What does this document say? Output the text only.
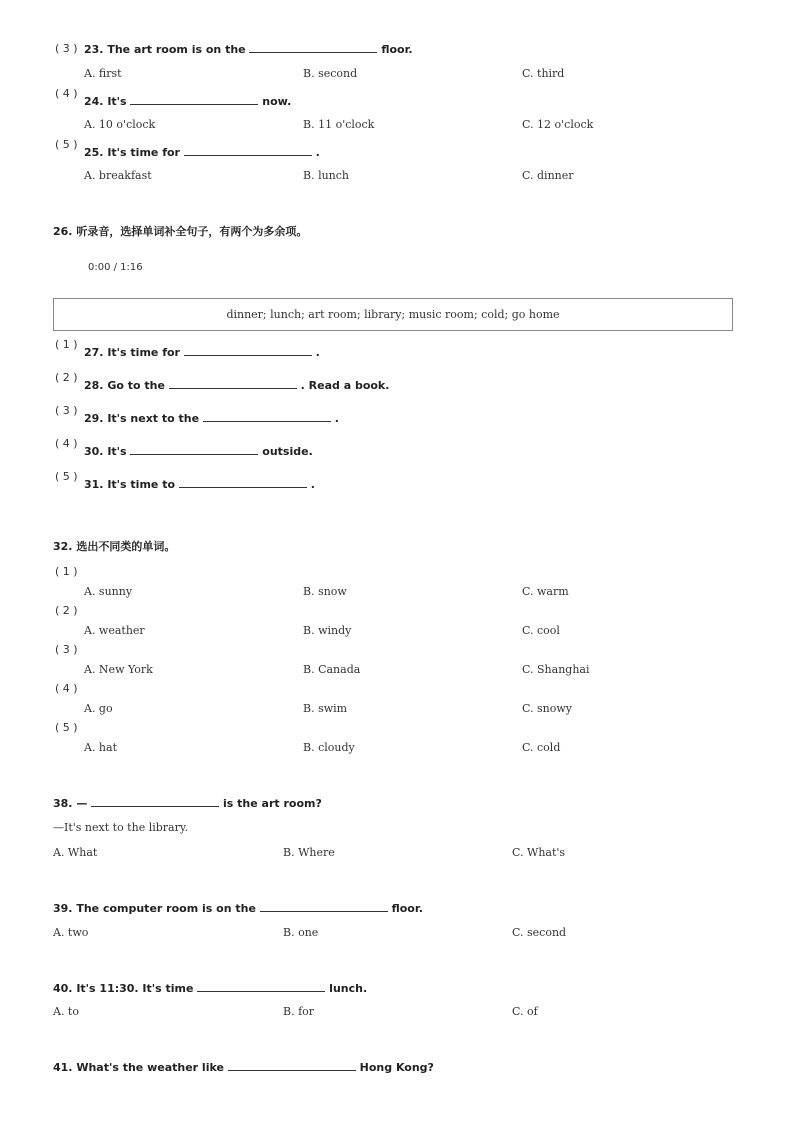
( 3 ) 23. The art room is on the	floor.
A. first	B. second	C. third
( 4 )
24. It's	now.
A. 10 o'clock	B. 11 o'clock	C. 12 o'clock
( 5 )
25. It's time for	.
A. breakfast	B. lunch	C. dinner
26. 听录音，选择单词补全句子，有两个为多余项。
0:00 / 1:16
dinner; lunch; art room; library; music room; cold; go home
( 1 )
27. It's time for	.
( 2 )
28. Go to the	. Read a book.
( 3 )
29. It's next to the	.
( 4 )
30. It's	outside.
( 5 )
31. It's time to	.
32. 选出不同类的单词。
( 1 )
A. sunny	B. snow	C. warm
( 2 )
A. weather	B. windy	C. cool
( 3 )
A. New York	B. Canada	C. Shanghai
( 4 )
A. go	B. swim	C. snowy
( 5 )
A. hat	B. cloudy	C. cold
38. —	is the art room?
—It's next to the library.
A. What	B. Where	C. What's
39. The computer room is on the	floor.
A. two	B. one	C. second
40. It's 11:30. It's time	lunch.
A. to	B. for	C. of
41. What's the weather like	Hong Kong?
